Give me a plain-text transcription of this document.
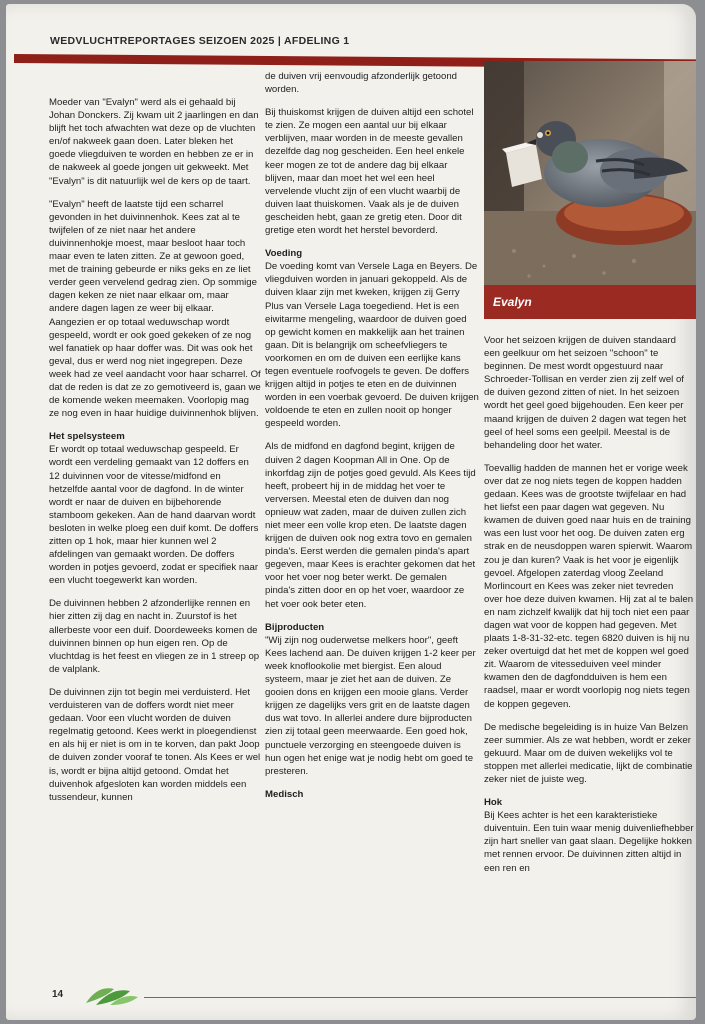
WEDVLUCHTREPORTAGES SEIZOEN 2025 | AFDELING 1

Moeder van "Evalyn" werd als ei gehaald bij Johan Donckers. Zij kwam uit 2 jaarlingen en dan blijft het toch afwachten wat deze op de vluchten en/of nakweek gaan doen. Later bleken het goede vliegduiven te worden en hebben ze er in de nakweek al goede jongen uit gekweekt. Met "Evalyn" is dit natuurlijk wel de kers op de taart.

"Evalyn" heeft de laatste tijd een scharrel gevonden in het duivinnenhok. Kees zat al te twijfelen of ze niet naar het andere duivinnenhokje moest, maar besloot haar toch maar even te laten zitten. Ze at gewoon goed, met de training gebeurde er niks geks en ze liet verder geen vervelend gedrag zien. Op sommige dagen keken ze niet naar elkaar om, maar andere dagen lagen ze weer bij elkaar. Aangezien er op totaal weduwschap wordt gespeeld, wordt er ook goed gekeken of ze nog wel fanatiek op haar doffer was. Dit was ook het geval, dus er werd nog niet ingegrepen. Deze week had ze veel aandacht voor haar scharrel. Of dat de reden is dat ze zo gemotiveerd is, gaan we de komende weken meemaken. Voorlopig mag ze nog even in haar huidige duivinnenhok blijven.

Het spelsysteem

Er wordt op totaal weduwschap gespeeld. Er wordt een verdeling gemaakt van 12 doffers en 12 duivinnen voor de vitesse/midfond en hetzelfde aantal voor de dagfond. In de winter wordt er naar de duiven en bijbehorende stamboom gekeken. Aan de hand daarvan wordt besloten in welke ploeg een duif komt. De doffers zitten op 1 hok, maar hier kunnen wel 2 afdelingen van gemaakt worden. De doffers worden in potjes gevoerd, zodat er specifiek naar een vlucht toegewerkt kan worden.

De duivinnen hebben 2 afzonderlijke rennen en hier zitten zij dag en nacht in. Zuurstof is het allerbeste voor een duif. Doordeweeks komen de duivinnen binnen op hun eigen ren. Op de vluchtdag is het feest en vliegen ze in 1 streep op de valplank.

De duivinnen zijn tot begin mei verduisterd. Het verduisteren van de doffers wordt niet meer gedaan. Voor een vlucht worden de duiven regelmatig getoond. Kees werkt in ploegendienst en als hij er niet is om in te korven, dan pakt Joop de duiven zonder vooraf te tonen. Als Kees er wel is, wordt er bijna altijd getoond. Omdat het duivenhok afgesloten kan worden middels een tussendeur, kunnen

de duiven vrij eenvoudig afzonderlijk getoond worden.

Bij thuiskomst krijgen de duiven altijd een schotel te zien. Ze mogen een aantal uur bij elkaar verblijven, maar worden in de meeste gevallen dezelfde dag nog gescheiden. Een heel enkele keer mogen ze tot de andere dag bij elkaar blijven, maar dan moet het wel een heel vervelende vlucht zijn of een vlucht waarbij de duiven laat thuiskomen. Vaak als je de duiven gescheiden hebt, gaan ze gretig eten. Door dit gretige eten wordt het herstel bevorderd.

Voeding

De voeding komt van Versele Laga en Beyers. De vliegduiven worden in januari gekoppeld. Als de duiven klaar zijn met kweken, krijgen zij Gerry Plus van Versele Laga toegediend. Het is een eiwitarme mengeling, waardoor de duiven goed op gewicht komen en makkelijk aan het trainen gaan. Dit is belangrijk om scheefvliegers te voorkomen en om de duiven een eerlijke kans tegen eventuele roofvogels te geven. De doffers krijgen altijd in potjes te eten en de duivinnen worden in een voerbak gevoerd. De duiven krijgen voldoende te eten en zullen nooit op honger gespeeld worden.

Als de midfond en dagfond begint, krijgen de duiven 2 dagen Koopman All in One. Op de inkorfdag zijn de potjes goed gevuld. Als Kees tijd heeft, probeert hij in de middag het voer te verversen. Meestal eten de duiven dan nog opnieuw wat zaden, maar de duiven zullen zich niet meer een volle krop eten. De laatste dagen krijgen de duiven ook nog extra tovo en gemalen pinda's. Eerst werden die gemalen pinda's apart gegeven, maar Kees is erachter gekomen dat het voor het voer nog beter werkt. De gemalen pinda's zitten door en op het voer, waardoor ze het voer ook beter eten.

Bijproducten

"Wij zijn nog ouderwetse melkers hoor", geeft Kees lachend aan. De duiven krijgen 1-2 keer per week knoflookolie met biergist. Een aloud systeem, maar je ziet het aan de duiven. Ze gooien dons en krijgen een mooie glans. Verder krijgen ze dagelijks vers grit en de laatste dagen dus wat tovo. In allerlei andere dure bijproducten zien zij totaal geen meerwaarde. Een goed hok, punctuele verzorging en steengoede duiven is hun ogen het enige wat je nodig hebt om goed te presteren.

Medisch
Evalyn

Voor het seizoen krijgen de duiven standaard een geelkuur om het seizoen "schoon" te beginnen. De mest wordt opgestuurd naar Schroeder-Tollisan en verder zien zij zelf wel of de duiven gezond zitten of niet. In het seizoen wordt het geel goed bijgehouden. Een keer per maand krijgen de duiven 2 dagen wat tegen het geel of heel soms een geelpil. Meestal is de behandeling door het water.

Toevallig hadden de mannen het er vorige week over dat ze nog niets tegen de koppen hadden gedaan. Kees was de grootste twijfelaar en had het liefst een paar dagen wat gegeven. Nu kwamen de duiven goed naar huis en de training was een lust voor het oog. De duiven zaten erg strak en de neusdoppen waren spierwit. Waarom zou je dan kuren? Vaak is het voor je eigenlijk gevoel. Afgelopen zaterdag vloog Zeeland Morlincourt en Kees was zeker niet tevreden over hoe deze duiven kwamen. Hij zat al te balen en nam zichzelf kwalijk dat hij toch niet een paar dagen wat voor de koppen had gegeven. Met plaats 1-8-31-32-etc. tegen 6820 duiven is hij nu zeker overtuigd dat het met de koppen wel goed zit. Waarom de vitesseduiven veel minder kwamen den de dagfondduiven is hem een raadsel, maar er wordt voorlopig nog niets tegen de koppen gegeven.

De medische begeleiding is in huize Van Belzen zeer summier. Als ze wat hebben, wordt er zeker gekuurd. Maar om de duiven wekelijks vol te stoppen met allerlei medicatie, lijkt de combinatie zeker niet de juiste weg.

Hok

Bij Kees achter is het een karakteristieke duiventuin. Een tuin waar menig duivenliefhebber zijn hart sneller van gaat slaan. Degelijke hokken met rennen ervoor. De duivinnen zitten altijd in een ren en

14
